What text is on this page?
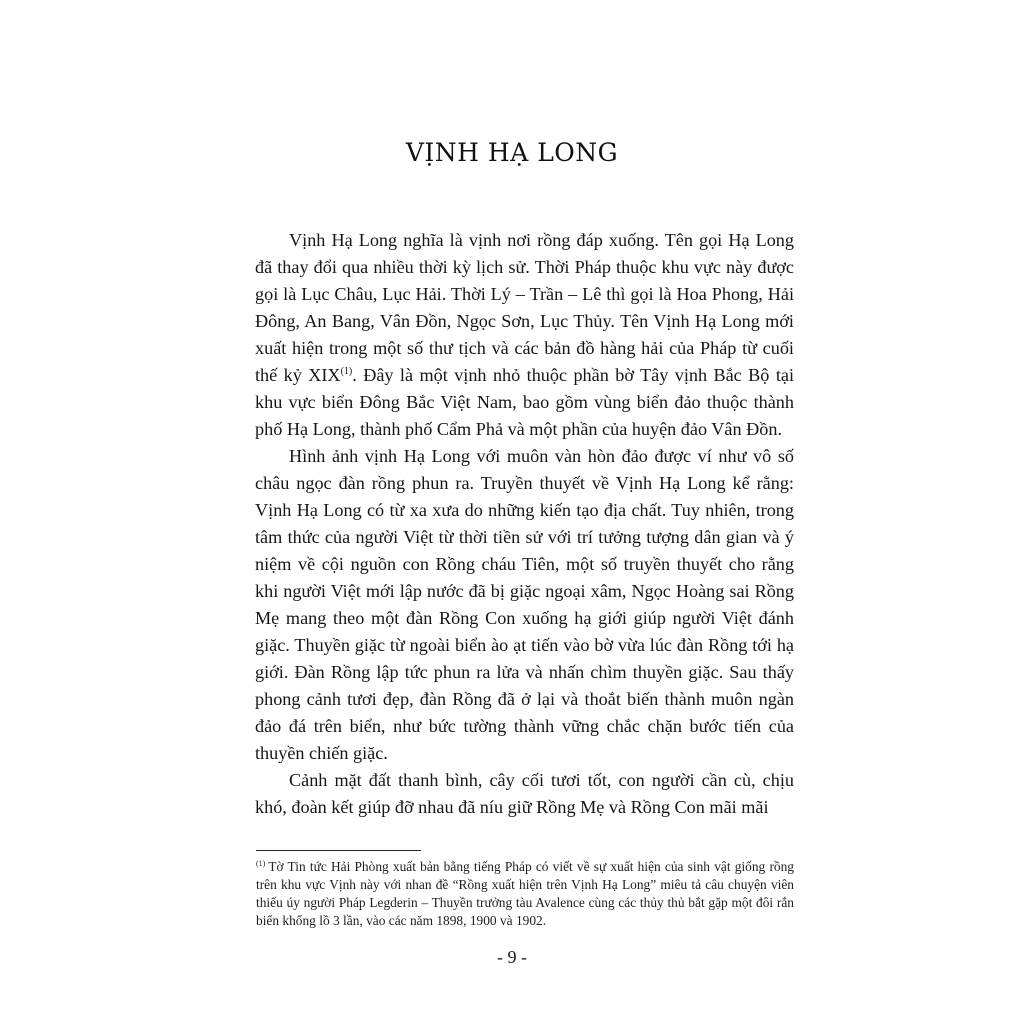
VỊNH HẠ LONG

Vịnh Hạ Long nghĩa là vịnh nơi rồng đáp xuống. Tên gọi Hạ Long đã thay đổi qua nhiều thời kỳ lịch sử. Thời Pháp thuộc khu vực này được gọi là Lục Châu, Lục Hải. Thời Lý – Trần – Lê thì gọi là Hoa Phong, Hải Đông, An Bang, Vân Đồn, Ngọc Sơn, Lục Thủy. Tên Vịnh Hạ Long mới xuất hiện trong một số thư tịch và các bản đồ hàng hải của Pháp từ cuối thế kỷ XIX$^{(1)}$. Đây là một vịnh nhỏ thuộc phần bờ Tây vịnh Bắc Bộ tại khu vực biển Đông Bắc Việt Nam, bao gồm vùng biển đảo thuộc thành phố Hạ Long, thành phố Cẩm Phả và một phần của huyện đảo Vân Đồn.

Hình ảnh vịnh Hạ Long với muôn vàn hòn đảo được ví như vô số châu ngọc đàn rồng phun ra. Truyền thuyết về Vịnh Hạ Long kể rằng: Vịnh Hạ Long có từ xa xưa do những kiến tạo địa chất. Tuy nhiên, trong tâm thức của người Việt từ thời tiền sử với trí tưởng tượng dân gian và ý niệm về cội nguồn con Rồng cháu Tiên, một số truyền thuyết cho rằng khi người Việt mới lập nước đã bị giặc ngoại xâm, Ngọc Hoàng sai Rồng Mẹ mang theo một đàn Rồng Con xuống hạ giới giúp người Việt đánh giặc. Thuyền giặc từ ngoài biển ào ạt tiến vào bờ vừa lúc đàn Rồng tới hạ giới. Đàn Rồng lập tức phun ra lửa và nhấn chìm thuyền giặc. Sau thấy phong cảnh tươi đẹp, đàn Rồng đã ở lại và thoắt biến thành muôn ngàn đảo đá trên biển, như bức tường thành vững chắc chặn bước tiến của thuyền chiến giặc.

Cảnh mặt đất thanh bình, cây cối tươi tốt, con người cần cù, chịu khó, đoàn kết giúp đỡ nhau đã níu giữ Rồng Mẹ và Rồng Con mãi mãi

$^{(1)}$ Tờ Tin tức Hải Phòng xuất bản bằng tiếng Pháp có viết về sự xuất hiện của sinh vật giống rồng trên khu vực Vịnh này với nhan đề “Rồng xuất hiện trên Vịnh Hạ Long” miêu tả câu chuyện viên thiếu úy người Pháp Legderin – Thuyền trưởng tàu Avalence cùng các thủy thủ bắt gặp một đôi rắn biển khổng lồ 3 lần, vào các năm 1898, 1900 và 1902.

- 9 -
